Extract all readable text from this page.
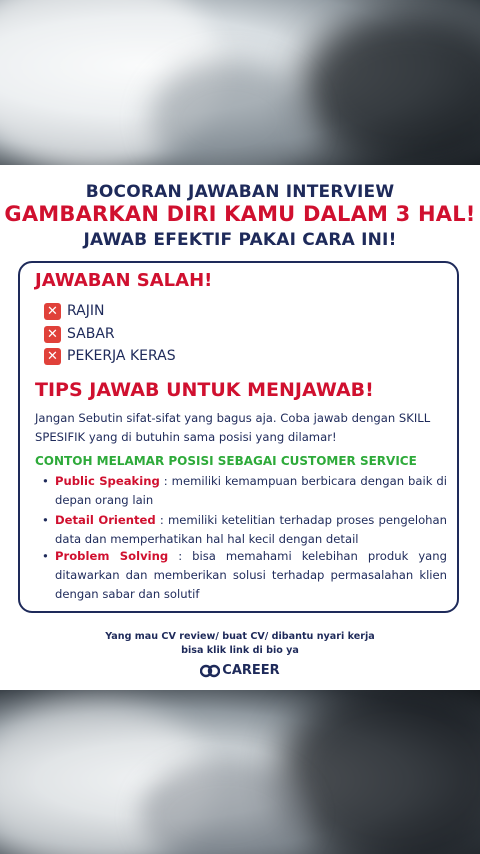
BOCORAN JAWABAN INTERVIEW
GAMBARKAN DIRI KAMU DALAM 3 HAL!
JAWAB EFEKTIF PAKAI CARA INI!
JAWABAN SALAH!
✕ RAJIN
✕ SABAR
✕ PEKERJA KERAS
TIPS JAWAB UNTUK MENJAWAB!
Jangan Sebutin sifat-sifat yang bagus aja. Coba jawab dengan SKILL SPESIFIK yang di butuhin sama posisi yang dilamar!
CONTOH MELAMAR POSISI SEBAGAI CUSTOMER SERVICE
• Public Speaking : memiliki kemampuan berbicara dengan baik di depan orang lain
• Detail Oriented : memiliki ketelitian terhadap proses pengelohan data dan memperhatikan hal hal kecil dengan detail
• Problem Solving : bisa memahami kelebihan produk yang ditawarkan dan memberikan solusi terhadap permasalahan klien dengan sabar dan solutif
Yang mau CV review/ buat CV/ dibantu nyari kerja
bisa klik link di bio ya
CAREER
